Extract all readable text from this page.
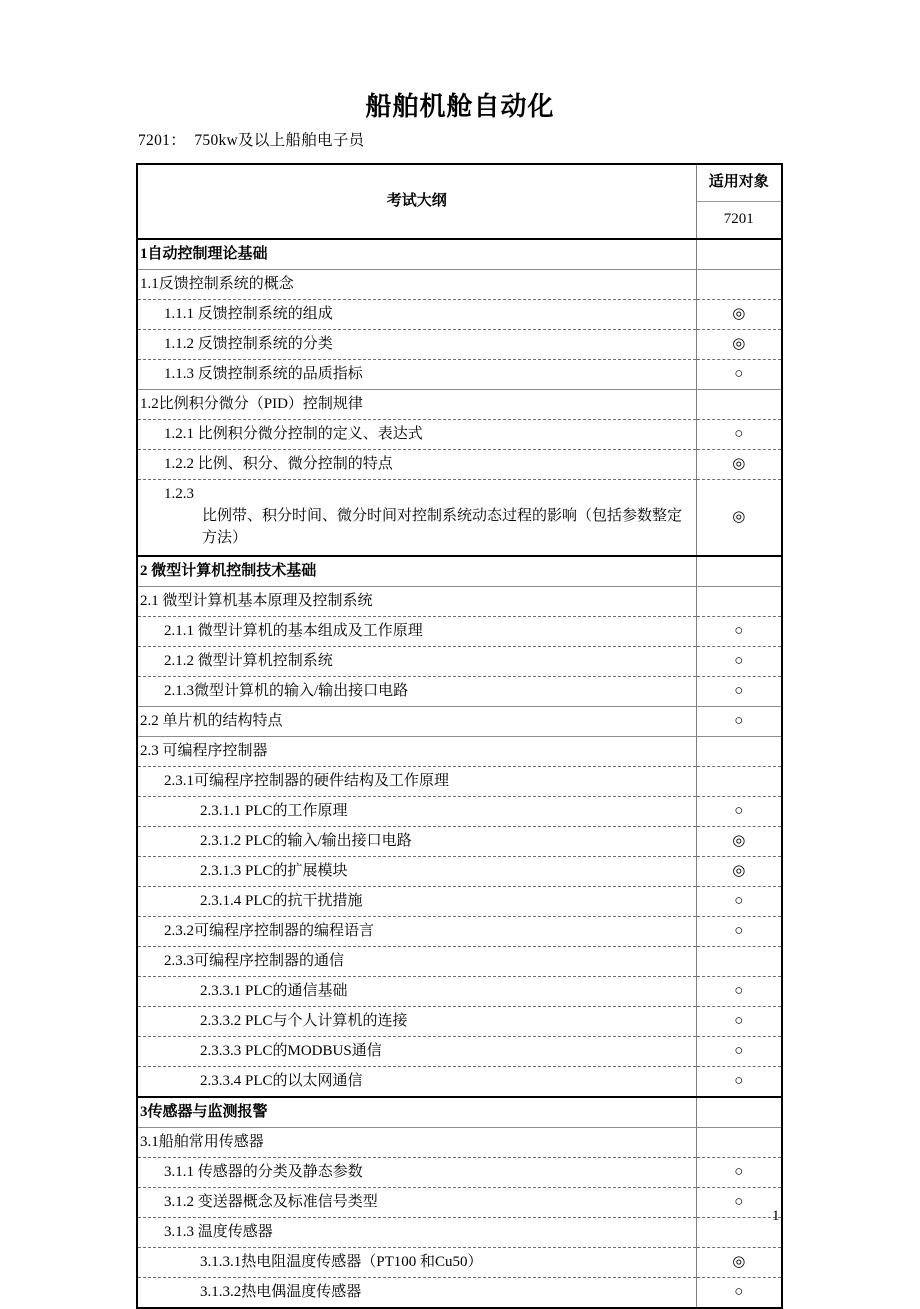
船舶机舱自动化
7201：  750kw及以上船舶电子员
考试大纲	适用对象
	7201
1自动控制理论基础	
1.1反馈控制系统的概念	
1.1.1 反馈控制系统的组成	◎
1.1.2 反馈控制系统的分类	◎
1.1.3 反馈控制系统的品质指标	○
1.2比例积分微分（PID）控制规律	
1.2.1 比例积分微分控制的定义、表达式	○
1.2.2 比例、积分、微分控制的特点	◎

1.2.3
比例带、积分时间、微分时间对控制系统动态过程的影响（包括参数整定方法）	◎
2 微型计算机控制技术基础	
2.1 微型计算机基本原理及控制系统	
2.1.1 微型计算机的基本组成及工作原理	○
2.1.2 微型计算机控制系统	○
2.1.3微型计算机的输入/输出接口电路	○
2.2 单片机的结构特点	○
2.3 可编程序控制器	
2.3.1可编程序控制器的硬件结构及工作原理	
2.3.1.1 PLC的工作原理	○
2.3.1.2 PLC的输入/输出接口电路	◎
2.3.1.3 PLC的扩展模块	◎
2.3.1.4 PLC的抗干扰措施	○
2.3.2可编程序控制器的编程语言	○
2.3.3可编程序控制器的通信	
2.3.3.1 PLC的通信基础	○
2.3.3.2 PLC与个人计算机的连接	○
2.3.3.3 PLC的MODBUS通信	○
2.3.3.4 PLC的以太网通信	○
3传感器与监测报警	
3.1船舶常用传感器	
3.1.1 传感器的分类及静态参数	○
3.1.2 变送器概念及标准信号类型	○
3.1.3 温度传感器	
3.1.3.1热电阻温度传感器（PT100 和Cu50）	◎
3.1.3.2热电偶温度传感器	○
1
